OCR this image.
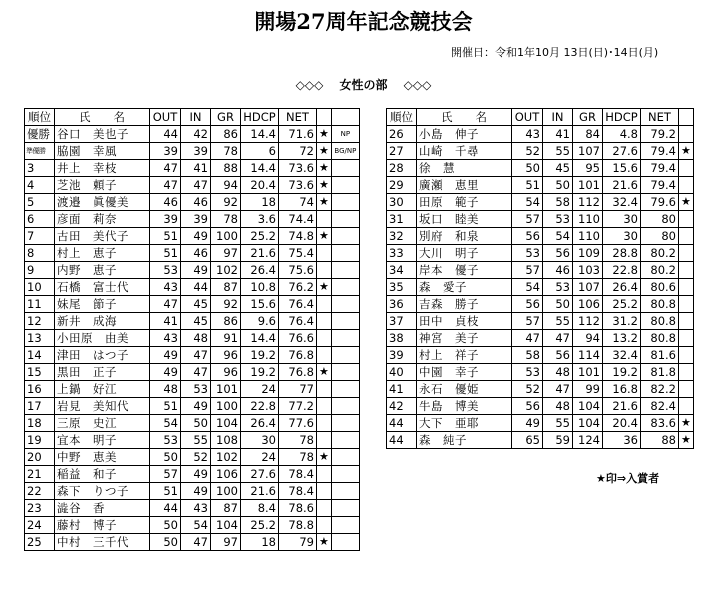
開場27周年記念競技会
開催日：令和1年10月 13日(日)･14日(月)
◇◇◇　 女性の部　 ◇◇◇
順位	氏　　名	OUT	IN	GR	HDCP	NET		
優勝	谷口　美也子	44	42	86	14.4	71.6	★	NP
準優勝	脇園　幸風	39	39	78	6	72	★	BG/NP
3	井上　幸枝	47	41	88	14.4	73.6	★	
4	芝池　頼子	47	47	94	20.4	73.6	★	
5	渡邉　眞優美	46	46	92	18	74	★	
6	彦面　莉奈	39	39	78	3.6	74.4		
7	古田　美代子	51	49	100	25.2	74.8	★	
8	村上　恵子	51	46	97	21.6	75.4		
9	内野　恵子	53	49	102	26.4	75.6		
10	石橋　富士代	43	44	87	10.8	76.2	★	
11	妹尾　節子	47	45	92	15.6	76.4		
12	新井　成海	41	45	86	9.6	76.4		
13	小田原　由美	43	48	91	14.4	76.6		
14	津田　はつ子	49	47	96	19.2	76.8		
15	黒田　正子	49	47	96	19.2	76.8	★	
16	上鍋　好江	48	53	101	24	77		
17	岩見　美知代	51	49	100	22.8	77.2		
18	三原　史江	54	50	104	26.4	77.6		
19	宜本　明子	53	55	108	30	78		
20	中野　恵美	50	52	102	24	78	★	
21	稲益　和子	57	49	106	27.6	78.4		
22	森下　りつ子	51	49	100	21.6	78.4		
23	澁谷　香	44	43	87	8.4	78.6		
24	藤村　博子	50	54	104	25.2	78.8		
25	中村　三千代	50	47	97	18	79	★	
順位	氏　　名	OUT	IN	GR	HDCP	NET	
26	小島　伸子	43	41	84	4.8	79.2	
27	山崎　千尋	52	55	107	27.6	79.4	★
28	徐　慧	50	45	95	15.6	79.4	
29	廣瀬　恵里	51	50	101	21.6	79.4	
30	田原　範子	54	58	112	32.4	79.6	★
31	坂口　睦美	57	53	110	30	80	
32	別府　和泉	56	54	110	30	80	
33	大川　明子	53	56	109	28.8	80.2	
34	岸本　優子	57	46	103	22.8	80.2	
35	森　愛子	54	53	107	26.4	80.6	
36	吉森　勝子	56	50	106	25.2	80.8	
37	田中　貞枝	57	55	112	31.2	80.8	
38	神宮　美子	47	47	94	13.2	80.8	
39	村上　祥子	58	56	114	32.4	81.6	
40	中園　幸子	53	48	101	19.2	81.8	
41	永石　優姫	52	47	99	16.8	82.2	
42	牛島　博美	56	48	104	21.6	82.4	
44	大下　亜耶	49	55	104	20.4	83.6	★
44	森　純子	65	59	124	36	88	★
★印⇒入賞者
